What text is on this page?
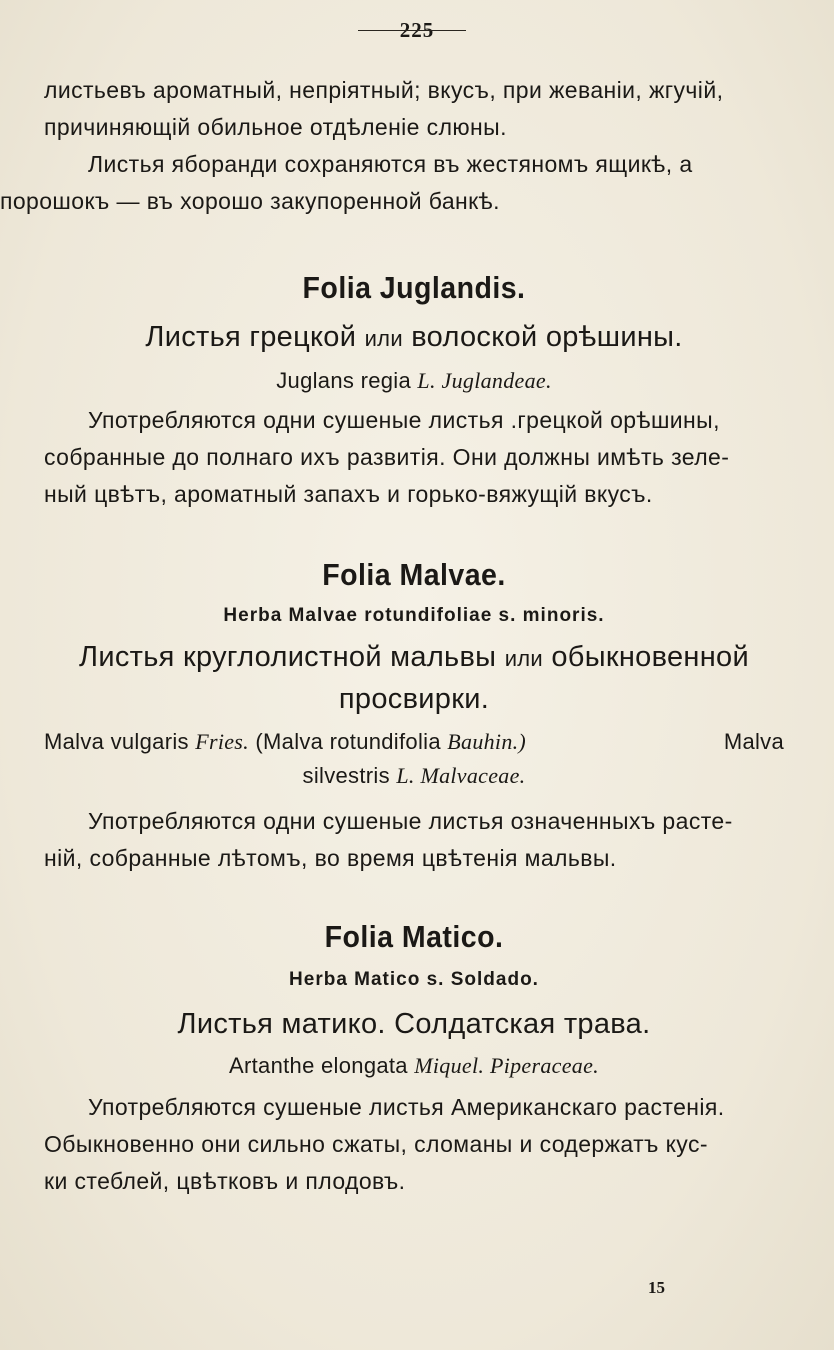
225

листьевъ ароматный, непріятный; вкусъ, при жеваніи, жгучій,
причиняющій обильное отдѣленіе слюны.

Листья яборанди сохраняются въ жестяномъ ящикѣ, а
порошокъ — въ хорошо закупоренной банкѣ.

Folia Juglandis.
Листья грецкой или волоской орѣшины.
Juglans regia L. Juglandeae.

Употребляются одни сушеные листья .грецкой орѣшины,
собранные до полнаго ихъ развитія. Они должны имѣть зеле-
ный цвѣтъ, ароматный запахъ и горько-вяжущій вкусъ.

Folia Malvae.
Herba Malvae rotundifoliae s. minoris.
Листья круглолистной мальвы или обыкновенной
просвирки.
Malva vulgaris Fries. (Malva rotundifolia Bauhin.)	Malva
silvestris L. Malvaceae.

Употребляются одни сушеные листья означенныхъ расте-
ній, собранные лѣтомъ, во время цвѣтенія мальвы.

Folia Matico.
Herba Matico s. Soldado.
Листья матико. Солдатская трава.
Artanthe elongata Miquel. Piperaceae.

Употребляются сушеные листья Американскаго растенія.
Обыкновенно они сильно сжаты, сломаны и содержатъ кус-
ки стеблей, цвѣтковъ и плодовъ.

15
